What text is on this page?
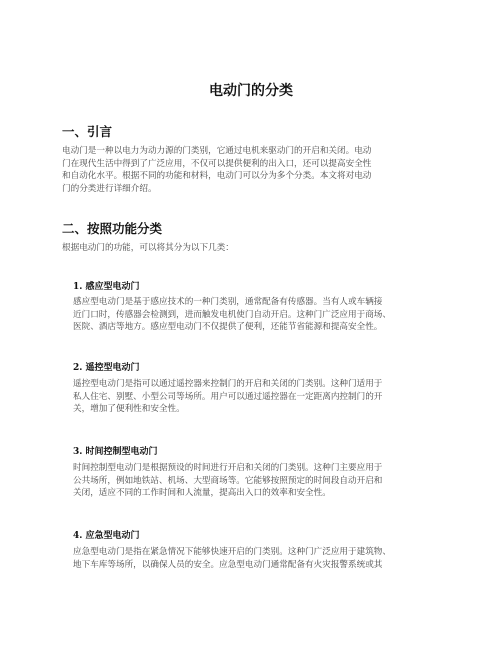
电动门的分类
一、引言
电动门是一种以电力为动力源的门类别，它通过电机来驱动门的开启和关闭。电动
门在现代生活中得到了广泛应用，不仅可以提供便利的出入口，还可以提高安全性
和自动化水平。根据不同的功能和材料，电动门可以分为多个分类。本文将对电动
门的分类进行详细介绍。
二、按照功能分类
根据电动门的功能，可以将其分为以下几类：
1. 感应型电动门
感应型电动门是基于感应技术的一种门类别，通常配备有传感器。当有人或车辆接
近门口时，传感器会检测到，进而触发电机使门自动开启。这种门广泛应用于商场、
医院、酒店等地方。感应型电动门不仅提供了便利，还能节省能源和提高安全性。
2. 遥控型电动门
遥控型电动门是指可以通过遥控器来控制门的开启和关闭的门类别。这种门适用于
私人住宅、别墅、小型公司等场所。用户可以通过遥控器在一定距离内控制门的开
关，增加了便利性和安全性。
3. 时间控制型电动门
时间控制型电动门是根据预设的时间进行开启和关闭的门类别。这种门主要应用于
公共场所，例如地铁站、机场、大型商场等。它能够按照预定的时间段自动开启和
关闭，适应不同的工作时间和人流量，提高出入口的效率和安全性。
4. 应急型电动门
应急型电动门是指在紧急情况下能够快速开启的门类别。这种门广泛应用于建筑物、
地下车库等场所，以确保人员的安全。应急型电动门通常配备有火灾报警系统或其
